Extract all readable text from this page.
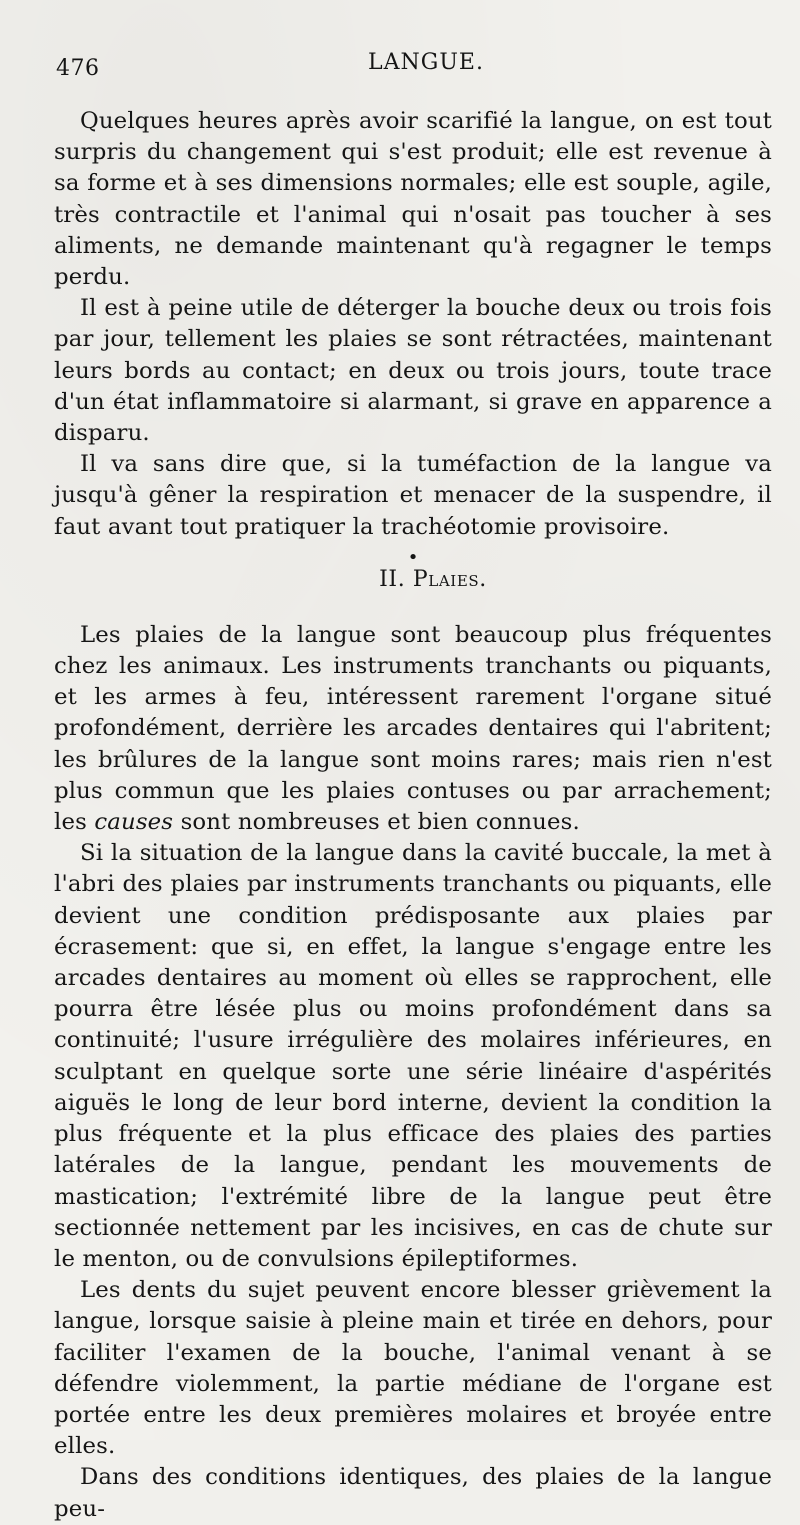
476	LANGUE.

Quelques heures après avoir scarifié la langue, on est tout surpris du changement qui s'est produit; elle est revenue à sa forme et à ses dimensions normales; elle est souple, agile, très contractile et l'animal qui n'osait pas toucher à ses aliments, ne demande maintenant qu'à regagner le temps perdu.

Il est à peine utile de déterger la bouche deux ou trois fois par jour, tellement les plaies se sont rétractées, maintenant leurs bords au contact; en deux ou trois jours, toute trace d'un état inflammatoire si alarmant, si grave en apparence a disparu.

Il va sans dire que, si la tuméfaction de la langue va jusqu'à gêner la respiration et menacer de la suspendre, il faut avant tout pratiquer la trachéotomie provisoire.

•
II. Plaies.

Les plaies de la langue sont beaucoup plus fréquentes chez les animaux. Les instruments tranchants ou piquants, et les armes à feu, intéressent rarement l'organe situé profondément, derrière les arcades dentaires qui l'abritent; les brûlures de la langue sont moins rares; mais rien n'est plus commun que les plaies contuses ou par arrachement; les causes sont nombreuses et bien connues.

Si la situation de la langue dans la cavité buccale, la met à l'abri des plaies par instruments tranchants ou piquants, elle devient une condition prédisposante aux plaies par écrasement: que si, en effet, la langue s'engage entre les arcades dentaires au moment où elles se rapprochent, elle pourra être lésée plus ou moins profondément dans sa continuité; l'usure irrégulière des molaires inférieures, en sculptant en quelque sorte une série linéaire d'aspérités aiguës le long de leur bord interne, devient la condition la plus fréquente et la plus efficace des plaies des parties latérales de la langue, pendant les mouvements de mastication; l'extrémité libre de la langue peut être sectionnée nettement par les incisives, en cas de chute sur le menton, ou de convulsions épileptiformes.

Les dents du sujet peuvent encore blesser grièvement la langue, lorsque saisie à pleine main et tirée en dehors, pour faciliter l'examen de la bouche, l'animal venant à se défendre violemment, la partie médiane de l'organe est portée entre les deux premières molaires et broyée entre elles.

Dans des conditions identiques, des plaies de la langue peu-
